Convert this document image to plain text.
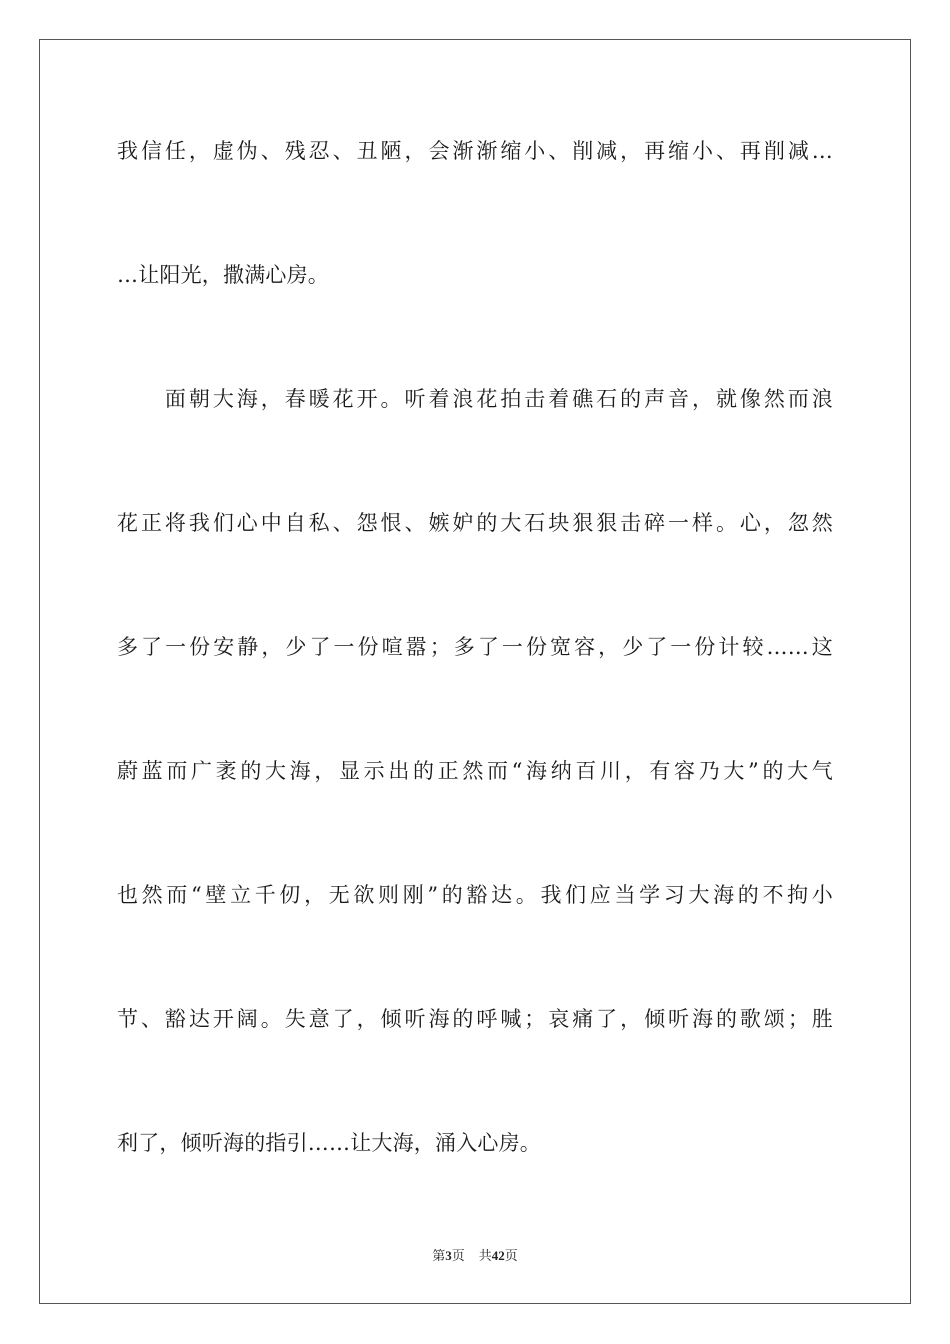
我信任，虚伪、残忍、丑陋，会渐渐缩小、削减，再缩小、再削减…
…让阳光，撒满心房。
　　面朝大海，春暖花开。听着浪花拍击着礁石的声音，就像然而浪
花正将我们心中自私、怨恨、嫉妒的大石块狠狠击碎一样。心，忽然
多了一份安静，少了一份喧嚣；多了一份宽容，少了一份计较……这
蔚蓝而广袤的大海，显示出的正然而“海纳百川，有容乃大”的大气
也然而“壁立千仞，无欲则刚”的豁达。我们应当学习大海的不拘小
节、豁达开阔。失意了，倾听海的呼喊；哀痛了，倾听海的歌颂；胜
利了，倾听海的指引……让大海，涌入心房。
第3页 共42页
